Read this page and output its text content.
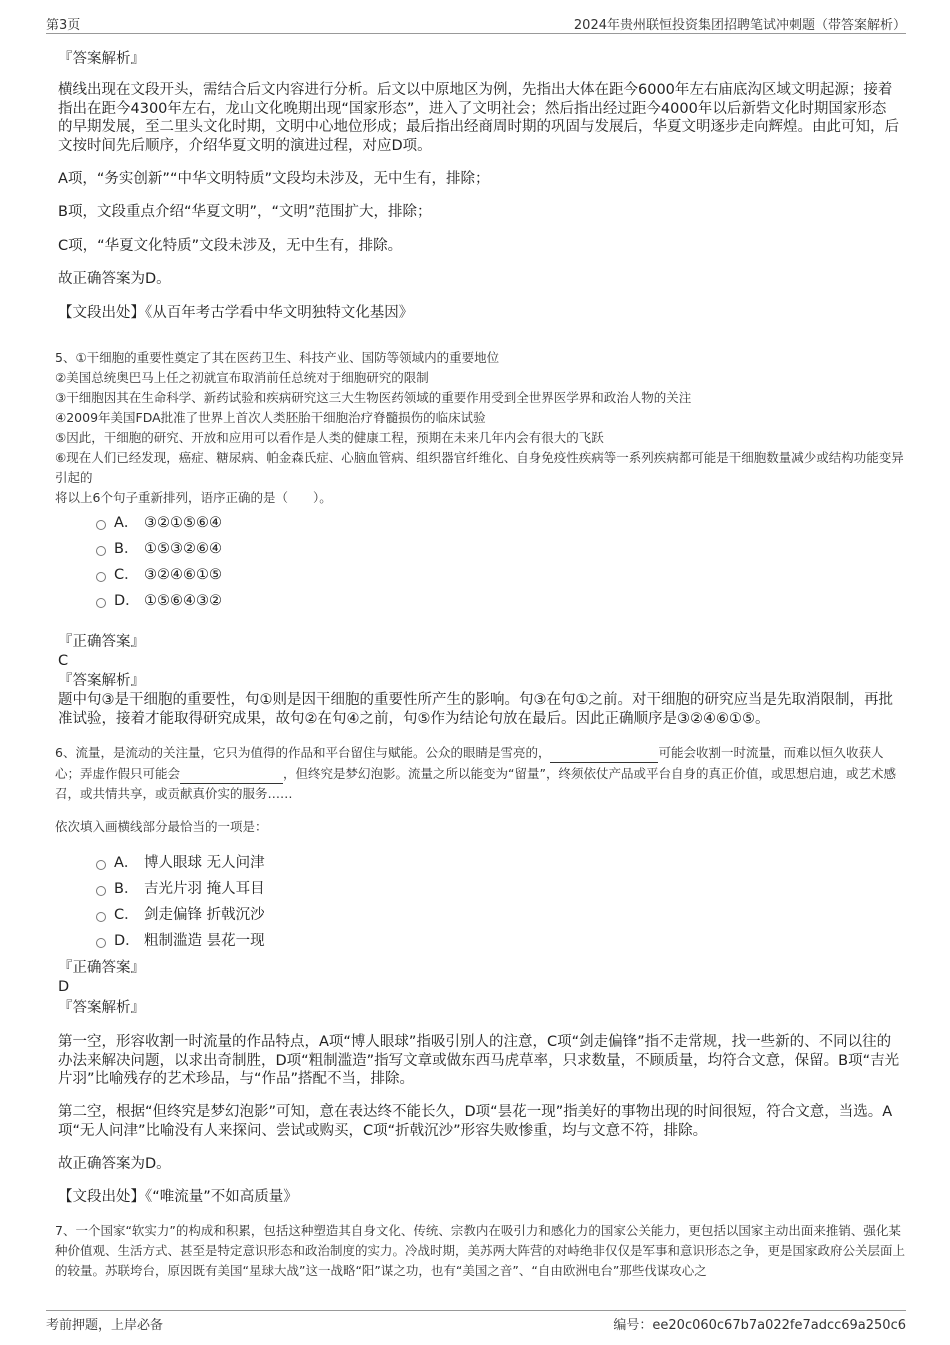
第3页	2024年贵州联恒投资集团招聘笔试冲刺题（带答案解析）
『答案解析』
横线出现在文段开头，需结合后文内容进行分析。后文以中原地区为例，先指出大体在距今6000年左右庙底沟区域文明起源；接着指出在距今4300年左右，龙山文化晚期出现“国家形态”，进入了文明社会；然后指出经过距今4000年以后新砦文化时期国家形态的早期发展，至二里头文化时期，文明中心地位形成；最后指出经商周时期的巩固与发展后，华夏文明逐步走向辉煌。由此可知，后文按时间先后顺序，介绍华夏文明的演进过程，对应D项。
A项，“务实创新”“中华文明特质”文段均未涉及，无中生有，排除；
B项，文段重点介绍“华夏文明”，“文明”范围扩大，排除；
C项，“华夏文化特质”文段未涉及，无中生有，排除。
故正确答案为D。
【文段出处】《从百年考古学看中华文明独特文化基因》
5、①干细胞的重要性奠定了其在医药卫生、科技产业、国防等领域内的重要地位
②美国总统奥巴马上任之初就宣布取消前任总统对于细胞研究的限制
③干细胞因其在生命科学、新药试验和疾病研究这三大生物医药领域的重要作用受到全世界医学界和政治人物的关注
④2009年美国FDA批准了世界上首次人类胚胎干细胞治疗脊髓损伤的临床试验
⑤因此，干细胞的研究、开放和应用可以看作是人类的健康工程，预期在未来几年内会有很大的飞跃
⑥现在人们已经发现，癌症、糖尿病、帕金森氏症、心脑血管病、组织器官纤维化、自身免疫性疾病等一系列疾病都可能是干细胞数量减少或结构功能变异引起的
将以上6个句子重新排列，语序正确的是（　　）。
A． ③②①⑤⑥④
B． ①⑤③②⑥④
C． ③②④⑥①⑤
D． ①⑤⑥④③②
『正确答案』
C
『答案解析』
题中句③是干细胞的重要性，句①则是因干细胞的重要性所产生的影响。句③在句①之前。对干细胞的研究应当是先取消限制，再批准试验，接着才能取得研究成果，故句②在句④之前，句⑤作为结论句放在最后。因此正确顺序是③②④⑥①⑤。
6、流量，是流动的关注量，它只为值得的作品和平台留住与赋能。公众的眼睛是雪亮的，	可能会收割一时流量，而难以恒久收获人心；弄虚作假只可能会	，但终究是梦幻泡影。流量之所以能变为“留量”，终须依仗产品或平台自身的真正价值，或思想启迪，或艺术感召，或共情共享，或贡献真价实的服务……
依次填入画横线部分最恰当的一项是：
A． 博人眼球 无人问津
B． 吉光片羽 掩人耳目
C． 剑走偏锋 折戟沉沙
D． 粗制滥造 昙花一现
『正确答案』
D
『答案解析』
第一空，形容收割一时流量的作品特点，A项“博人眼球”指吸引别人的注意，C项“剑走偏锋”指不走常规，找一些新的、不同以往的办法来解决问题，以求出奇制胜，D项“粗制滥造”指写文章或做东西马虎草率，只求数量，不顾质量，均符合文意，保留。B项“吉光片羽”比喻残存的艺术珍品，与“作品”搭配不当，排除。
第二空，根据“但终究是梦幻泡影”可知，意在表达终不能长久，D项“昙花一现”指美好的事物出现的时间很短，符合文意，当选。A项“无人问津”比喻没有人来探问、尝试或购买，C项“折戟沉沙”形容失败惨重，均与文意不符，排除。
故正确答案为D。
【文段出处】《“唯流量”不如高质量》
7、一个国家“软实力”的构成和积累，包括这种塑造其自身文化、传统、宗教内在吸引力和感化力的国家公关能力，更包括以国家主动出面来推销、强化某种价值观、生活方式、甚至是特定意识形态和政治制度的实力。冷战时期，美苏两大阵营的对峙绝非仅仅是军事和意识形态之争，更是国家政府公关层面上的较量。苏联垮台，原因既有美国“星球大战”这一战略“阳”谋之功，也有“美国之音”、“自由欧洲电台”那些伐谋攻心之
考前押题，上岸必备	编号：ee20c060c67b7a022fe7adcc69a250c6
